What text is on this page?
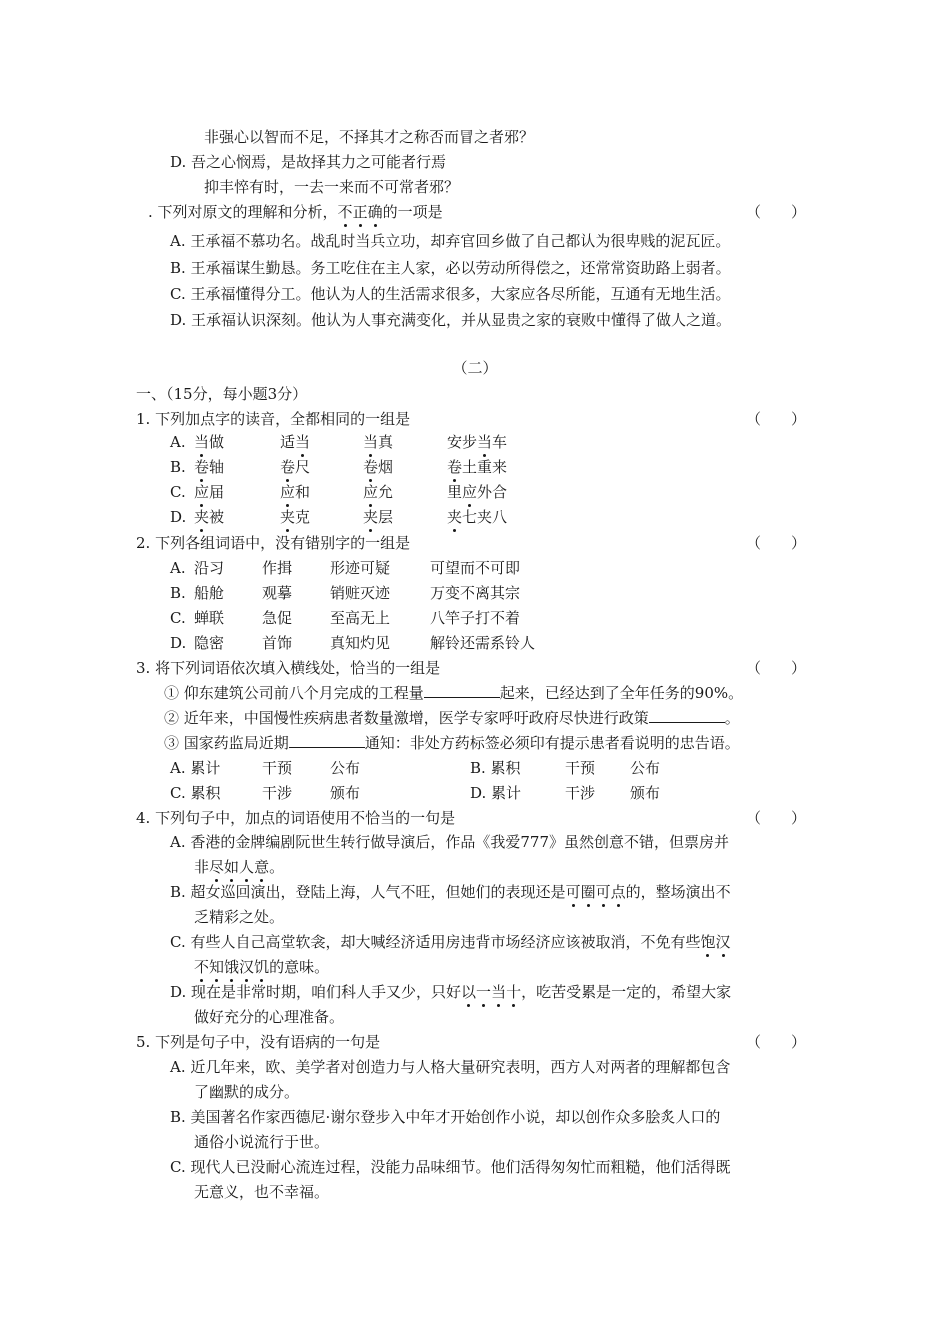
非强心以智而不足，不择其才之称否而冒之者邪？
D. 吾之心悯焉，是故择其力之可能者行焉
抑丰悴有时，一去一来而不可常者邪？
. 下列对原文的理解和分析，不正确的一项是	（　　）
A. 王承福不慕功名。战乱时当兵立功，却弃官回乡做了自己都认为很卑贱的泥瓦匠。
B. 王承福谋生勤恳。务工吃住在主人家，必以劳动所得偿之，还常常资助路上弱者。
C. 王承福懂得分工。他认为人的生活需求很多，大家应各尽所能，互通有无地生活。
D. 王承福认识深刻。他认为人事充满变化，并从显贵之家的衰败中懂得了做人之道。
（二）
一、（15分，每小题3分）
1. 下列加点字的读音，全都相同的一组是	（　　）
A. 当做	适当	当真	安步当车
B. 卷轴	卷尺	卷烟	卷土重来
C. 应届	应和	应允	里应外合
D. 夹被	夹克	夹层	夹七夹八
2. 下列各组词语中，没有错别字的一组是	（　　）
A. 沿习	作揖	形迹可疑	可望而不可即
B. 船舱	观摹	销赃灭迹	万变不离其宗
C. 蝉联	急促	至高无上	八竿子打不着
D. 隐密	首饰	真知灼见	解铃还需系铃人
3. 将下列词语依次填入横线处，恰当的一组是	（　　）
① 仰东建筑公司前八个月完成的工程量	起来，已经达到了全年任务的90%。
② 近年来，中国慢性疾病患者数量激增，医学专家呼吁政府尽快进行政策	。
③ 国家药监局近期	通知：非处方药标签必须印有提示患者看说明的忠告语。
A. 累计	干预	公布	B. 累积	干预 公布
C. 累积	干涉	颁布	D. 累计	干涉 颁布
4. 下列句子中，加点的词语使用不恰当的一句是	（　　）
A. 香港的金牌编剧阮世生转行做导演后，作品《我爱777》虽然创意不错，但票房并
非尽如人意。
B. 超女巡回演出，登陆上海，人气不旺，但她们的表现还是可圈可点的，整场演出不
乏精彩之处。
C. 有些人自己高堂软衾，却大喊经济适用房违背市场经济应该被取消，不免有些饱汉
不知饿汉饥的意味。
D. 现在是非常时期，咱们科人手又少，只好以一当十，吃苦受累是一定的，希望大家
做好充分的心理准备。
5. 下列是句子中，没有语病的一句是	（　　）
A. 近几年来，欧、美学者对创造力与人格大量研究表明，西方人对两者的理解都包含
了幽默的成分。
B. 美国著名作家西德尼·谢尔登步入中年才开始创作小说，却以创作众多脍炙人口的
通俗小说流行于世。
C. 现代人已没耐心流连过程，没能力品味细节。他们活得匆匆忙而粗糙，他们活得既
无意义，也不幸福。
